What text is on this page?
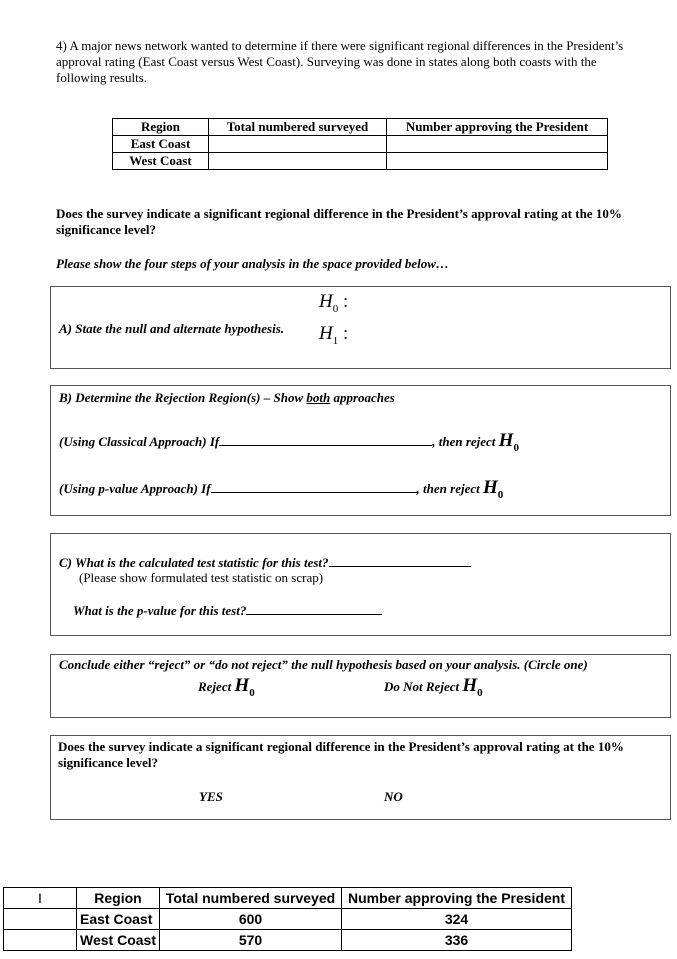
4) A major news network wanted to determine if there were significant regional differences in the President’s approval rating (East Coast versus West Coast). Surveying was done in states along both coasts with the following results.
Region	Total numbered surveyed	Number approving the President
East Coast		
West Coast		
Does the survey indicate a significant regional difference in the President’s approval rating at the 10% significance level?
Please show the four steps of your analysis in the space provided below…
A) State the null and alternate hypothesis.
$H_0$ :
$H_1$ :
B) Determine the Rejection Region(s) – Show both approaches
(Using Classical Approach) If	, then reject $H_0$
(Using p-value Approach) If	, then reject $H_0$
C) What is the calculated test statistic for this test?
(Please show formulated test statistic on scrap)
What is the p-value for this test?
Conclude either “reject” or “do not reject” the null hypothesis based on your analysis. (Circle one)
Reject $H_0$	Do Not Reject $H_0$
Does the survey indicate a significant regional difference in the President’s approval rating at the 10% significance level?
YES	NO
I	Region	Total numbered surveyed	Number approving the President
	East Coast	600	324
	West Coast	570	336
